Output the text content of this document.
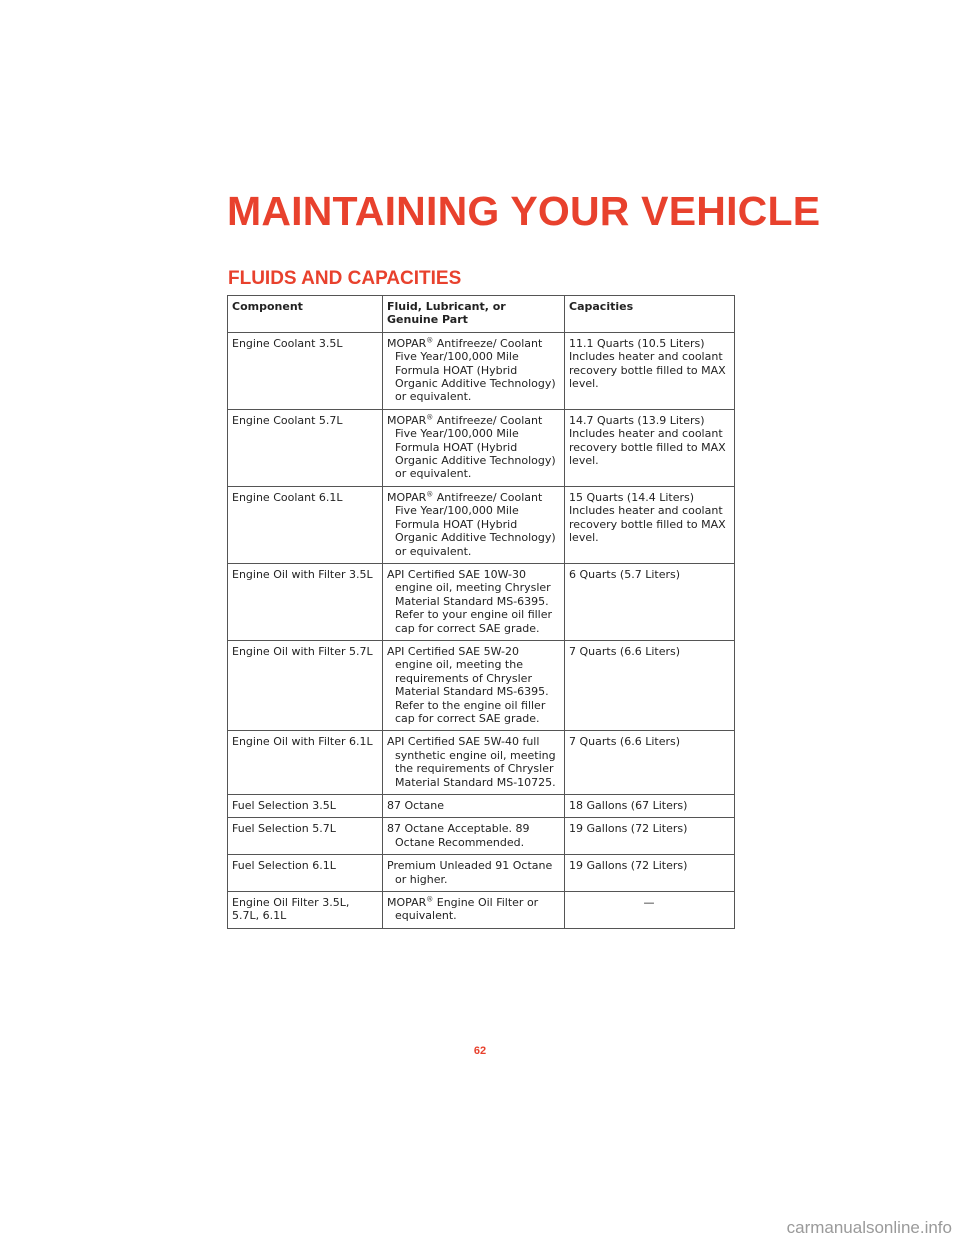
MAINTAINING YOUR VEHICLE
FLUIDS AND CAPACITIES
Component	Fluid, Lubricant, or Genuine Part	Capacities
Engine Coolant 3.5L	MOPAR® Antifreeze/ Coolant Five Year/100,000 Mile Formula HOAT (Hybrid Organic Additive Technology) or equivalent.	11.1 Quarts (10.5 Liters) Includes heater and coolant recovery bottle filled to MAX level.
Engine Coolant 5.7L	MOPAR® Antifreeze/ Coolant Five Year/100,000 Mile Formula HOAT (Hybrid Organic Additive Technology) or equivalent.	14.7 Quarts (13.9 Liters) Includes heater and coolant recovery bottle filled to MAX level.
Engine Coolant 6.1L	MOPAR® Antifreeze/ Coolant Five Year/100,000 Mile Formula HOAT (Hybrid Organic Additive Technology) or equivalent.	15 Quarts (14.4 Liters) Includes heater and coolant recovery bottle filled to MAX level.
Engine Oil with Filter 3.5L	API Certified SAE 10W-30 engine oil, meeting Chrysler Material Standard MS-6395. Refer to your engine oil filler cap for correct SAE grade.	6 Quarts (5.7 Liters)
Engine Oil with Filter 5.7L	API Certified SAE 5W-20 engine oil, meeting the requirements of Chrysler Material Standard MS-6395. Refer to the engine oil filler cap for correct SAE grade.	7 Quarts (6.6 Liters)
Engine Oil with Filter 6.1L	API Certified SAE 5W-40 full synthetic engine oil, meeting the requirements of Chrysler Material Standard MS-10725.	7 Quarts (6.6 Liters)
Fuel Selection 3.5L	87 Octane	18 Gallons (67 Liters)
Fuel Selection 5.7L	87 Octane Acceptable. 89 Octane Recommended.	19 Gallons (72 Liters)
Fuel Selection 6.1L	Premium Unleaded 91 Octane or higher.	19 Gallons (72 Liters)
Engine Oil Filter 3.5L, 5.7L, 6.1L	MOPAR® Engine Oil Filter or equivalent.	—
62
carmanualsonline.info
